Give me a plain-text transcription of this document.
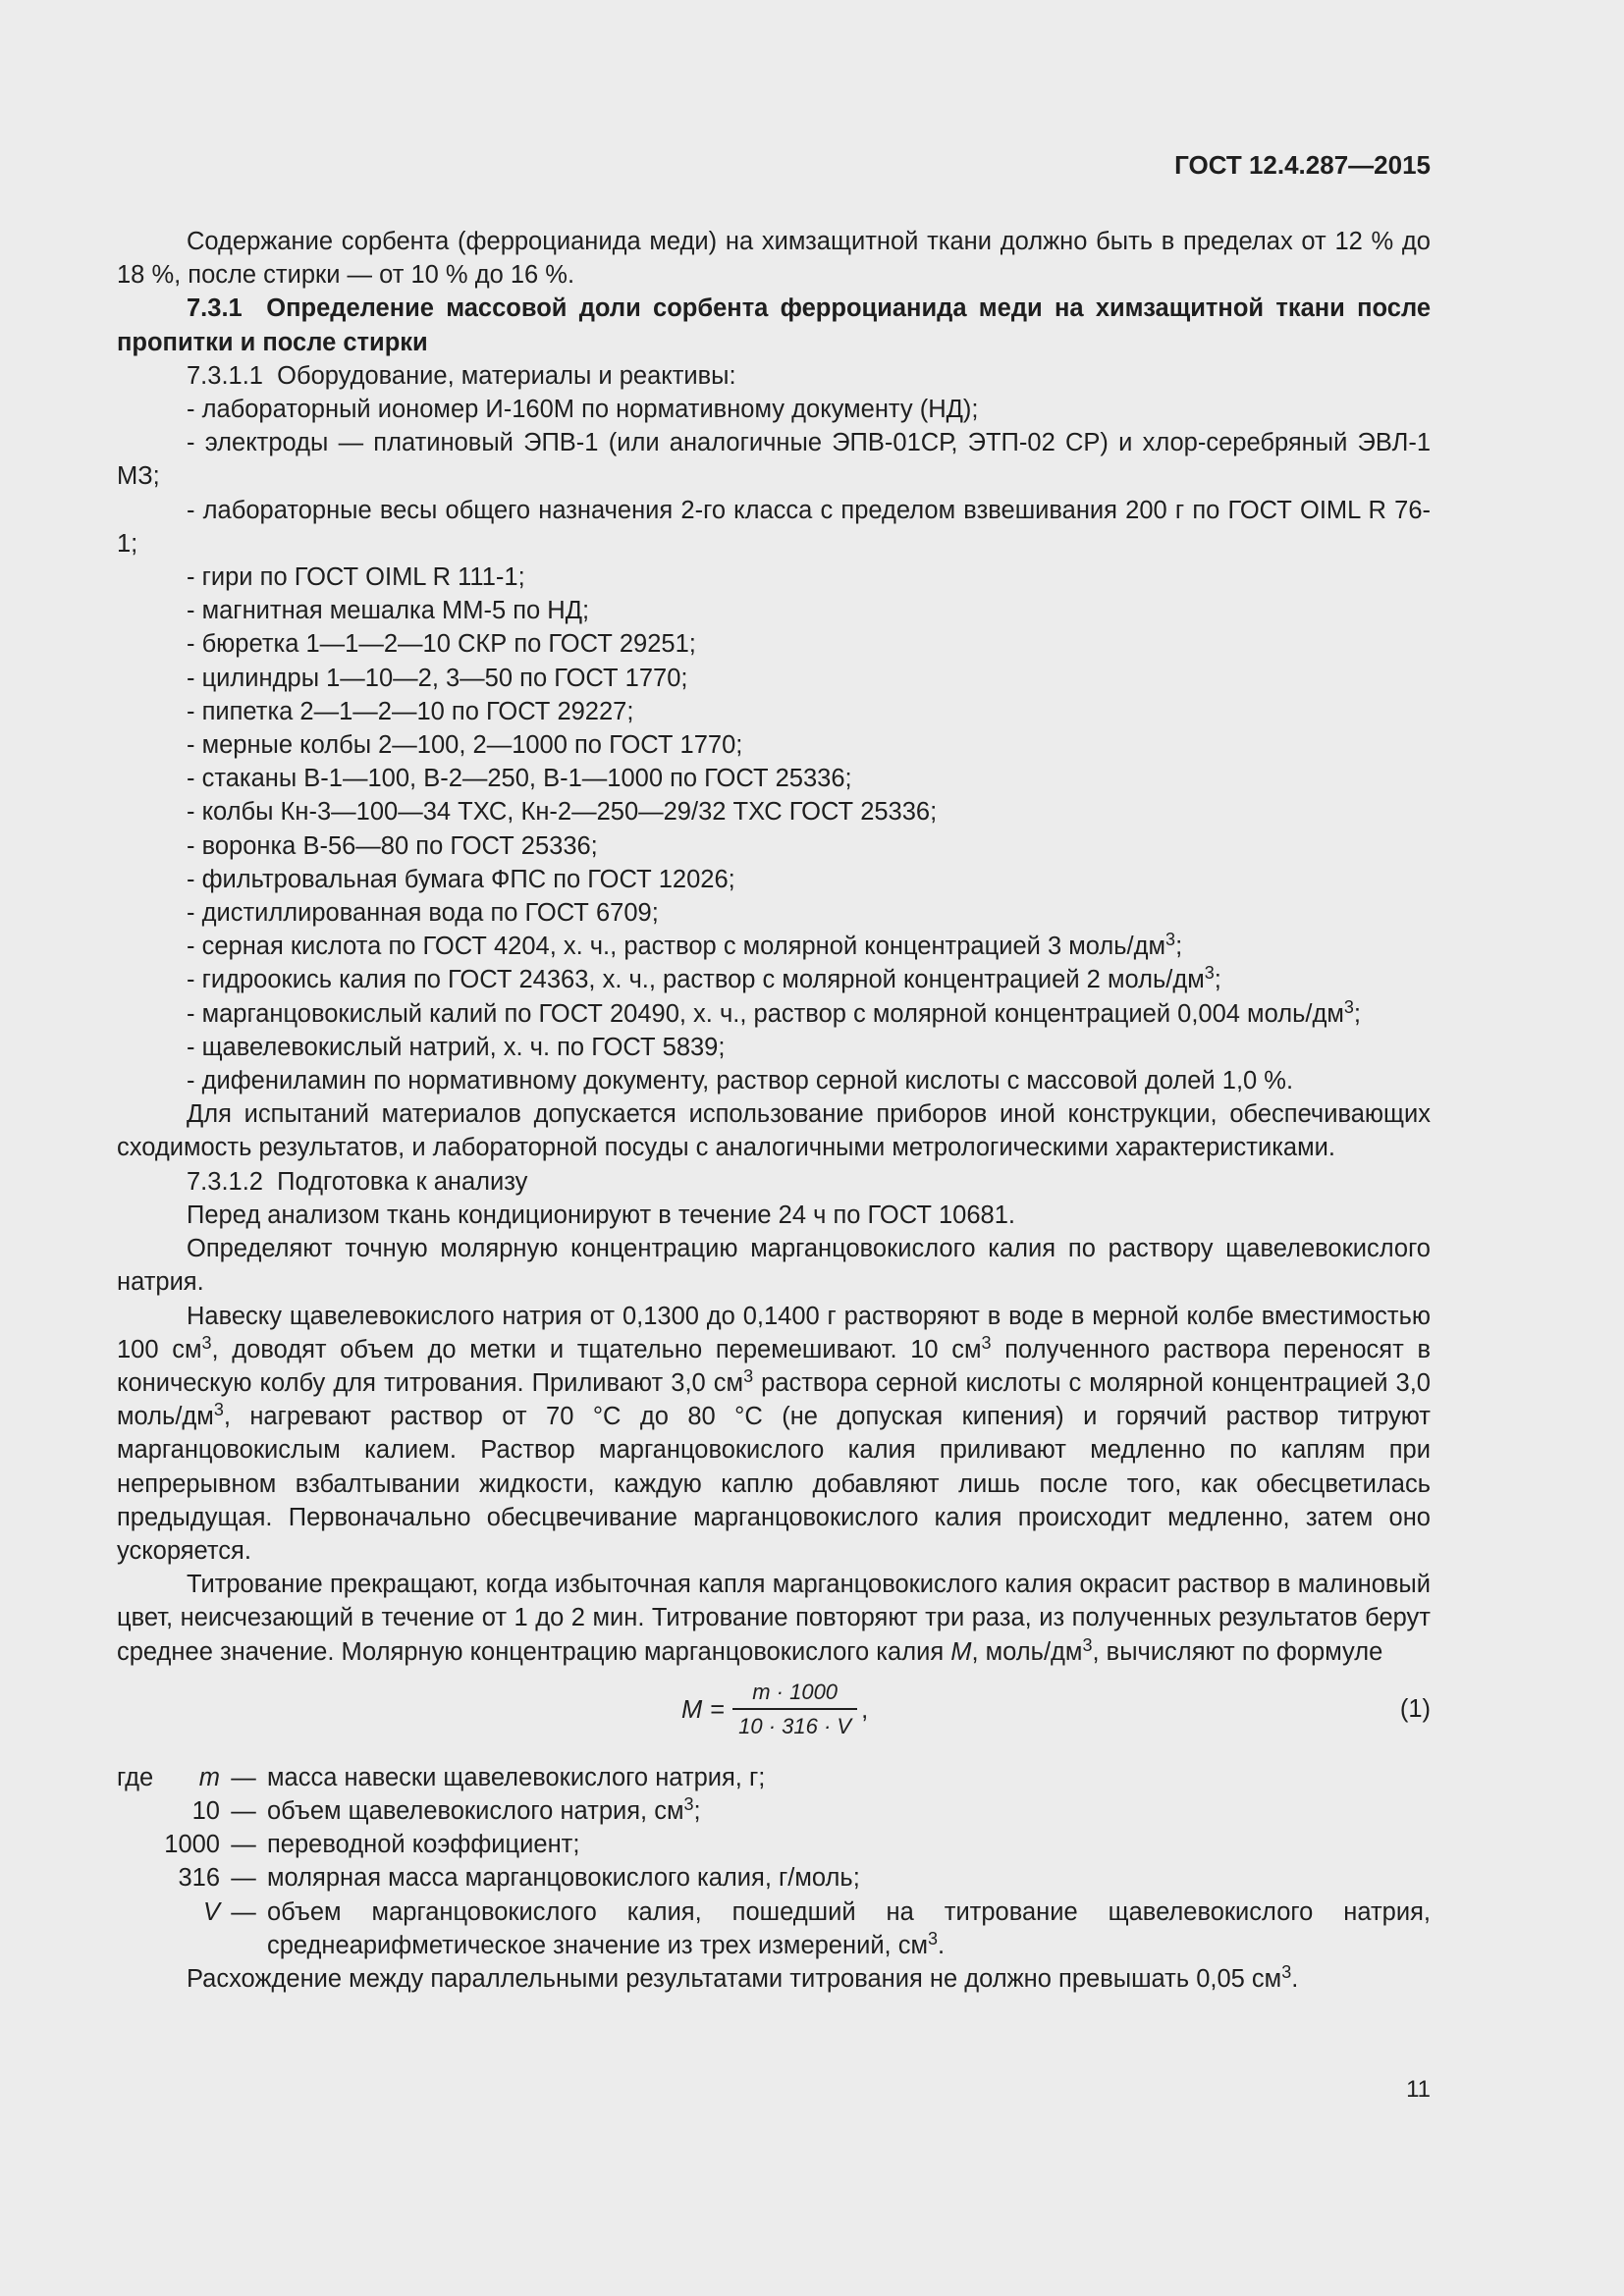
ГОСТ 12.4.287—2015

Содержание сорбента (ферроцианида меди) на химзащитной ткани должно быть в пределах от 12 % до 18 %, после стирки — от 10 % до 16 %.

7.3.1 Определение массовой доли сорбента ферроцианида меди на химзащитной ткани после пропитки и после стирки

7.3.1.1 Оборудование, материалы и реактивы:

- лабораторный иономер И-160М по нормативному документу (НД);

- электроды — платиновый ЭПВ-1 (или аналогичные ЭПВ-01СР, ЭТП-02 СР) и хлор-серебряный ЭВЛ-1 МЗ;

- лабораторные весы общего назначения 2-го класса с пределом взвешивания 200 г по ГОСТ OIML R 76-1;

- гири по ГОСТ OIML R 111-1;

- магнитная мешалка ММ-5 по НД;

- бюретка 1—1—2—10 СКР по ГОСТ 29251;

- цилиндры 1—10—2, 3—50 по ГОСТ 1770;

- пипетка 2—1—2—10 по ГОСТ 29227;

- мерные колбы 2—100, 2—1000 по ГОСТ 1770;

- стаканы В-1—100, В-2—250, В-1—1000 по ГОСТ 25336;

- колбы Кн-3—100—34 ТХС, Кн-2—250—29/32 ТХС ГОСТ 25336;

- воронка В-56—80 по ГОСТ 25336;

- фильтровальная бумага ФПС по ГОСТ 12026;

- дистиллированная вода по ГОСТ 6709;

- серная кислота по ГОСТ 4204, х. ч., раствор с молярной концентрацией 3 моль/$дм^3$;

- гидроокись калия по ГОСТ 24363, х. ч., раствор с молярной концентрацией 2 моль/$дм^3$;

- марганцовокислый калий по ГОСТ 20490, х. ч., раствор с молярной концентрацией 0,004 моль/$дм^3$;

- щавелевокислый натрий, х. ч. по ГОСТ 5839;

- дифениламин по нормативному документу, раствор серной кислоты с массовой долей 1,0 %.

Для испытаний материалов допускается использование приборов иной конструкции, обеспечивающих сходимость результатов, и лабораторной посуды с аналогичными метрологическими характеристиками.

7.3.1.2 Подготовка к анализу

Перед анализом ткань кондиционируют в течение 24 ч по ГОСТ 10681.

Определяют точную молярную концентрацию марганцовокислого калия по раствору щавелевокислого натрия.

Навеску щавелевокислого натрия от 0,1300 до 0,1400 г растворяют в воде в мерной колбе вместимостью 100 $см^3$, доводят объем до метки и тщательно перемешивают. 10 $см^3$ полученного раствора переносят в коническую колбу для титрования. Приливают 3,0 $см^3$ раствора серной кислоты с молярной концентрацией 3,0 моль/$дм^3$, нагревают раствор от 70 °С до 80 °С (не допуская кипения) и горячий раствор титруют марганцовокислым калием. Раствор марганцовокислого калия приливают медленно по каплям при непрерывном взбалтывании жидкости, каждую каплю добавляют лишь после того, как обесцветилась предыдущая. Первоначально обесцвечивание марганцовокислого калия происходит медленно, затем оно ускоряется.

Титрование прекращают, когда избыточная капля марганцовокислого калия окрасит раствор в малиновый цвет, неисчезающий в течение от 1 до 2 мин. Титрование повторяют три раза, из полученных результатов берут среднее значение. Молярную концентрацию марганцовокислого калия M, моль/$дм^3$, вычисляют по формуле

$M = \frac{m \cdot 1000}{10 \cdot 316 \cdot V}$ ,	(1)
где m — масса навески щавелевокислого натрия, г;
10 — объем щавелевокислого натрия, $см^3$;
1000 — переводной коэффициент;
316 — молярная масса марганцовокислого калия, г/моль;
V — объем марганцовокислого калия, пошедший на титрование щавелевокислого натрия, среднеарифметическое значение из трех измерений, $см^3$.

Расхождение между параллельными результатами титрования не должно превышать 0,05 $см^3$.

11
